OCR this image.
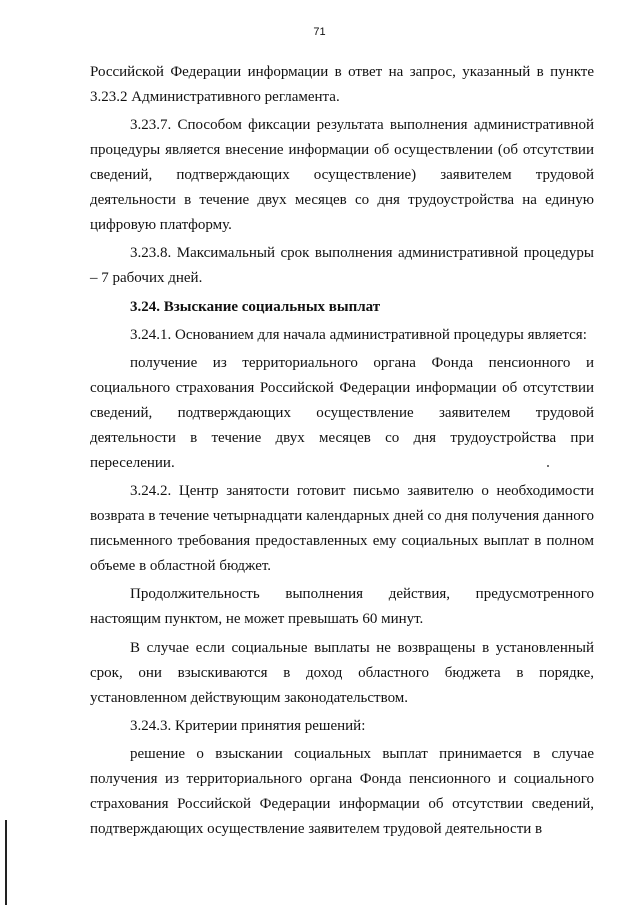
71

Российской Федерации информации в ответ на запрос, указанный в пункте 3.23.2 Административного регламента.

3.23.7. Способом фиксации результата выполнения административной процедуры является внесение информации об осуществлении (об отсутствии сведений, подтверждающих осуществление) заявителем трудовой деятельности в течение двух месяцев со дня трудоустройства на единую цифровую платформу.

3.23.8. Максимальный срок выполнения административной процедуры – 7 рабочих дней.

3.24. Взыскание социальных выплат

3.24.1. Основанием для начала административной процедуры является:

получение из территориального органа Фонда пенсионного и социального страхования Российской Федерации информации об отсутствии сведений, подтверждающих осуществление заявителем трудовой деятельности в течение двух месяцев со дня трудоустройства при переселении.

3.24.2. Центр занятости готовит письмо заявителю о необходимости возврата в течение четырнадцати календарных дней со дня получения данного письменного требования предоставленных ему социальных выплат в полном объеме в областной бюджет.

Продолжительность выполнения действия, предусмотренного настоящим пунктом, не может превышать 60 минут.

В случае если социальные выплаты не возвращены в установленный срок, они взыскиваются в доход областного бюджета в порядке, установленном действующим законодательством.

3.24.3. Критерии принятия решений:

решение о взыскании социальных выплат принимается в случае получения из территориального органа Фонда пенсионного и социального страхования Российской Федерации информации об отсутствии сведений, подтверждающих осуществление заявителем трудовой деятельности в
